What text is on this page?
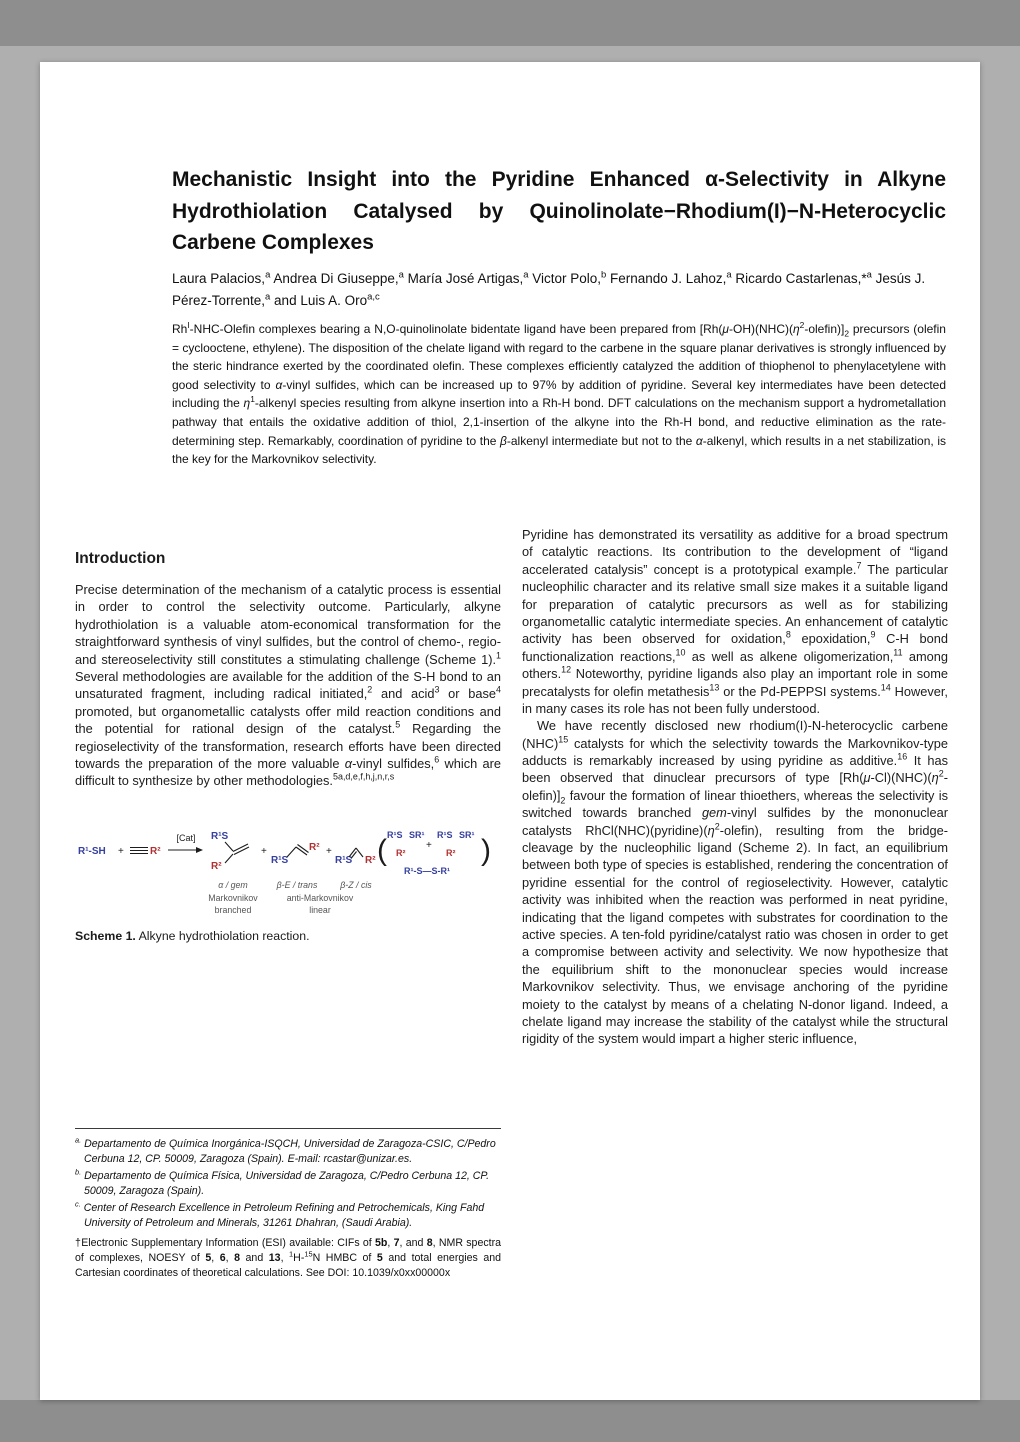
Mechanistic Insight into the Pyridine Enhanced α-Selectivity in Alkyne Hydrothiolation Catalysed by Quinolinolate−Rhodium(I)−N-Heterocyclic Carbene Complexes
Laura Palacios,$^a$ Andrea Di Giuseppe,$^a$ María José Artigas,$^a$ Victor Polo,$^b$ Fernando J. Lahoz,$^a$ Ricardo Castarlenas,*$^a$ Jesús J. Pérez-Torrente,$^a$ and Luis A. Oro$^{a,c}$
$Rh^I-NHC$-Olefin complexes bearing a N,O-quinolinolate bidentate ligand have been prepared from $[Rh(\mu-OH)(NHC)(\eta^2-olefin)]_2$ precursors (olefin = cyclooctene, ethylene). The disposition of the chelate ligand with regard to the carbene in the square planar derivatives is strongly influenced by the steric hindrance exerted by the coordinated olefin. These complexes efficiently catalyzed the addition of thiophenol to phenylacetylene with good selectivity to α-vinyl sulfides, which can be increased up to 97% by addition of pyridine. Several key intermediates have been detected including the $\eta^1$-alkenyl species resulting from alkyne insertion into a Rh-H bond. DFT calculations on the mechanism support a hydrometallation pathway that entails the oxidative addition of thiol, 2,1-insertion of the alkyne into the Rh-H bond, and reductive elimination as the rate-determining step. Remarkably, coordination of pyridine to the β-alkenyl intermediate but not to the α-alkenyl, which results in a net stabilization, is the key for the Markovnikov selectivity.
Introduction

Precise determination of the mechanism of a catalytic process is essential in order to control the selectivity outcome. Particularly, alkyne hydrothiolation is a valuable atom-economical transformation for the straightforward synthesis of vinyl sulfides, but the control of chemo-, regio- and stereoselectivity still constitutes a stimulating challenge (Scheme 1).$^1$ Several methodologies are available for the addition of the S-H bond to an unsaturated fragment, including radical initiated,$^2$ and acid$^3$ or base$^4$ promoted, but organometallic catalysts offer mild reaction conditions and the potential for rational design of the catalyst.$^5$ Regarding the regioselectivity of the transformation, research efforts have been directed towards the preparation of the more valuable α-vinyl sulfides,$^6$ which are difficult to synthesize by other methodologies.$^{5a,d,e,f,h,j,n,r,s}$

R¹-SH +	R²
[Cat] R¹S
R²
+
R¹S
R² +
R¹S R² ( R¹S SR¹
R²
+
R¹S SR¹
R²
R¹-S—S-R¹
)
α / gem	β-E / trans	β-Z / cis
Markovnikov
branched
anti-Markovnikov
linear

Scheme 1. Alkyne hydrothiolation reaction.

Pyridine has demonstrated its versatility as additive for a broad spectrum of catalytic reactions. Its contribution to the development of “ligand accelerated catalysis” concept is a prototypical example.$^7$ The particular nucleophilic character and its relative small size makes it a suitable ligand for preparation of catalytic precursors as well as for stabilizing organometallic catalytic intermediate species. An enhancement of catalytic activity has been observed for oxidation,$^8$ epoxidation,$^9$ C-H bond functionalization reactions,$^{10}$ as well as alkene oligomerization,$^{11}$ among others.$^{12}$ Noteworthy, pyridine ligands also play an important role in some precatalysts for olefin metathesis$^{13}$ or the Pd-PEPPSI systems.$^{14}$ However, in many cases its role has not been fully understood.

We have recently disclosed new rhodium(I)-N-heterocyclic carbene (NHC)$^{15}$ catalysts for which the selectivity towards the Markovnikov-type adducts is remarkably increased by using pyridine as additive.$^{16}$ It has been observed that dinuclear precursors of type $[Rh(\mu-Cl)(NHC)(\eta^2-olefin)]_2$ favour the formation of linear thioethers, whereas the selectivity is switched towards branched gem-vinyl sulfides by the mononuclear catalysts $RhCl(NHC)(pyridine)(\eta^2-olefin)$, resulting from the bridge-cleavage by the nucleophilic ligand (Scheme 2). In fact, an equilibrium between both type of species is established, rendering the concentration of pyridine essential for the control of regioselectivity. However, catalytic activity was inhibited when the reaction was performed in neat pyridine, indicating that the ligand competes with substrates for coordination to the active species. A ten-fold pyridine/catalyst ratio was chosen in order to get a compromise between activity and selectivity. We now hypothesize that the equilibrium shift to the mononuclear species would increase Markovnikov selectivity. Thus, we envisage anchoring of the pyridine moiety to the catalyst by means of a chelating N-donor ligand. Indeed, a chelate ligand may increase the stability of the catalyst while the structural rigidity of the system would impart a higher steric influence,

$^{a.}$ Departamento de Química Inorgánica-ISQCH, Universidad de Zaragoza-CSIC, C/Pedro Cerbuna 12, CP. 50009, Zaragoza (Spain). E-mail: rcastar@unizar.es.

$^{b.}$ Departamento de Química Física, Universidad de Zaragoza, C/Pedro Cerbuna 12, CP. 50009, Zaragoza (Spain).

$^{c.}$ Center of Research Excellence in Petroleum Refining and Petrochemicals, King Fahd University of Petroleum and Minerals, 31261 Dhahran, (Saudi Arabia).

†Electronic Supplementary Information (ESI) available: CIFs of 5b, 7, and 8, NMR spectra of complexes, NOESY of 5, 6, 8 and 13, $^1$H-$^{15}$N HMBC of 5 and total energies and Cartesian coordinates of theoretical calculations. See DOI: 10.1039/x0xx00000x
